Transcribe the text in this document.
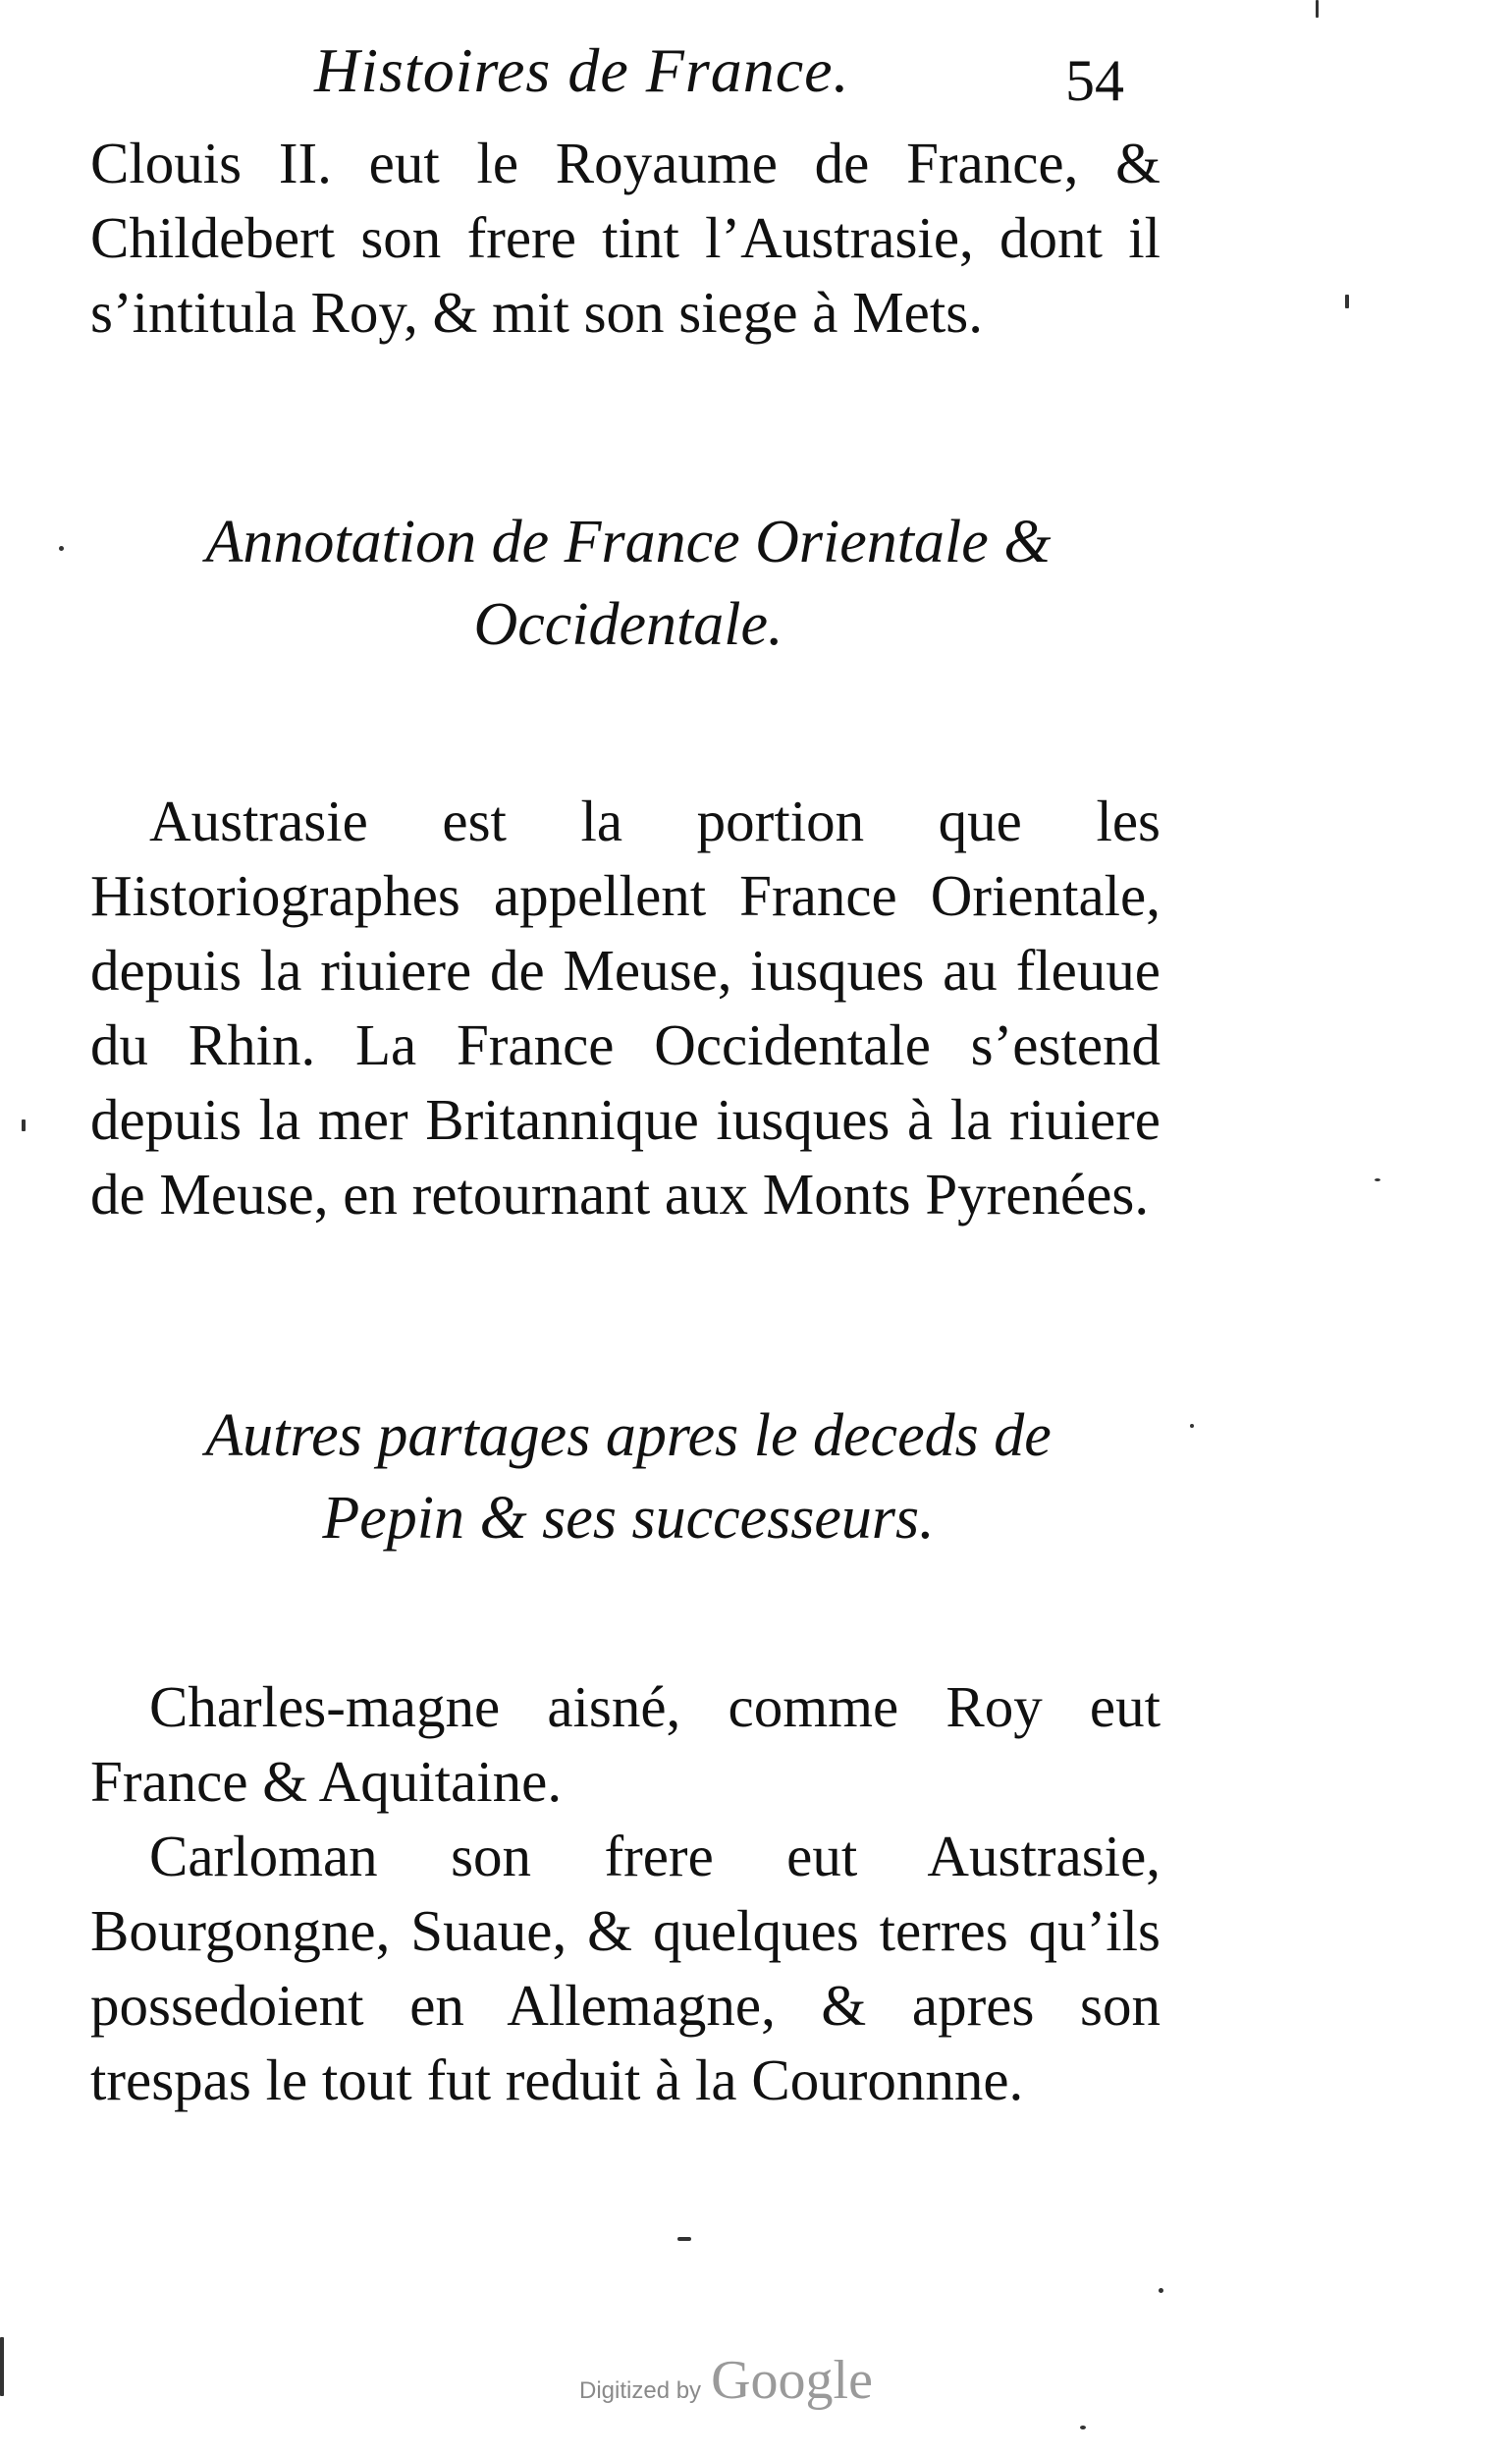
Histoires de France.	54

Clouis II. eut le Royaume de France, & Childebert son frere tint l’Austrasie, dont il s’intitula Roy, & mit son siege à Mets.

Annotation de France Orientale & Occidentale.

Austrasie est la portion que les Historiographes appellent France Orientale, depuis la riuiere de Meuse, iusques au fleuue du Rhin. La France Occidentale s’estend depuis la mer Britannique iusques à la riuiere de Meuse, en retournant aux Monts Pyrenées.

Autres partages apres le deceds de Pepin & ses successeurs.

Charles-magne aisné, comme Roy eut France & Aquitaine.

Carloman son frere eut Austrasie, Bourgongne, Suaue, & quelques terres qu’ils possedoient en Allemagne, & apres son trespas le tout fut reduit à la Couronnne.

Digitized by Google
